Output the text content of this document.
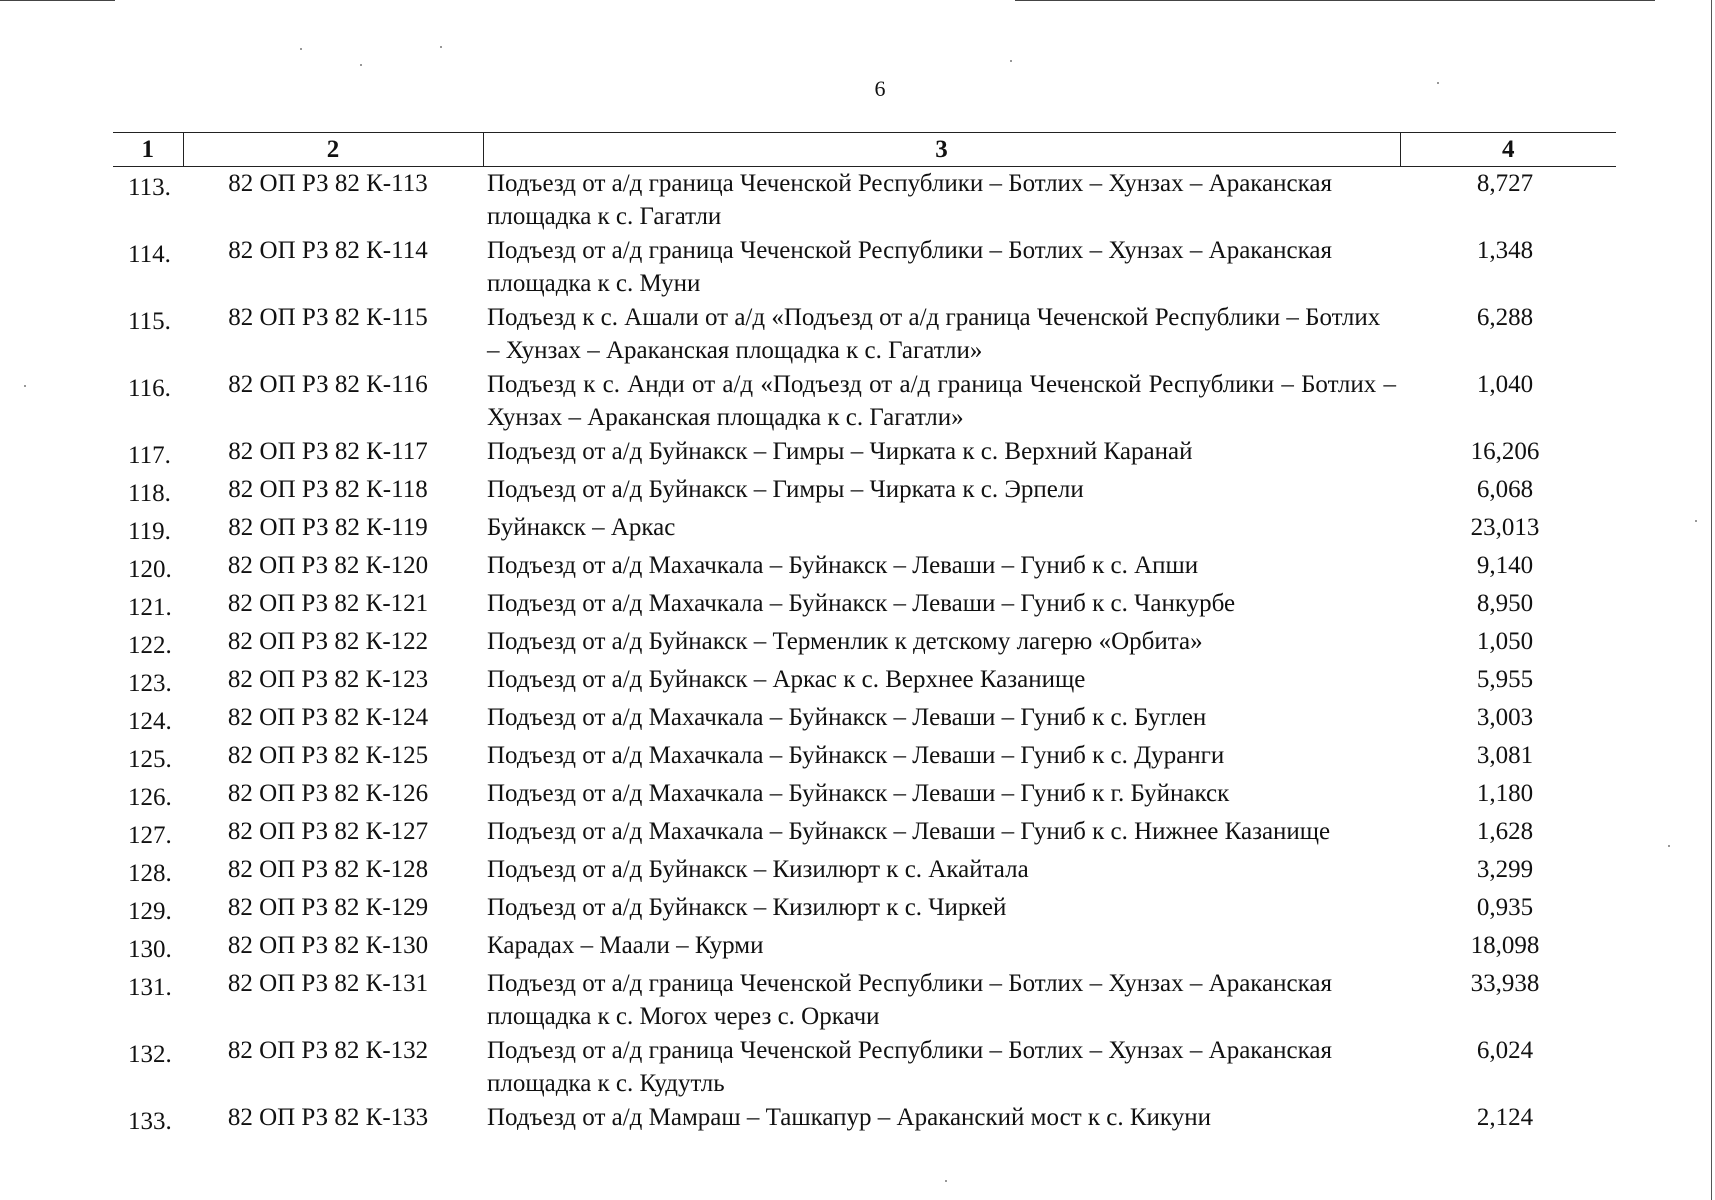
6
1	2	3	4
113.	82 ОП РЗ 82 К-113	Подъезд от а/д граница Чеченской Республики – Ботлих – Хунзах – Араканская площадка к с. Гагатли	8,727
114.	82 ОП РЗ 82 К-114	Подъезд от а/д граница Чеченской Республики – Ботлих – Хунзах – Араканская площадка к с. Муни	1,348
115.	82 ОП РЗ 82 К-115	Подъезд к с. Ашали от а/д «Подъезд от а/д граница Чеченской Республики – Ботлих – Хунзах – Араканская площадка к с. Гагатли»	6,288
116.	82 ОП РЗ 82 К-116	Подъезд к с. Анди от а/д «Подъезд от а/д граница Чеченской Республики – Ботлих – Хунзах – Араканская площадка к с. Гагатли»	1,040
117.	82 ОП РЗ 82 К-117	Подъезд от а/д Буйнакск – Гимры – Чирката к с. Верхний Каранай	16,206
118.	82 ОП РЗ 82 К-118	Подъезд от а/д Буйнакск – Гимры – Чирката к с. Эрпели	6,068
119.	82 ОП РЗ 82 К-119	Буйнакск – Аркас	23,013
120.	82 ОП РЗ 82 К-120	Подъезд от а/д Махачкала – Буйнакск – Леваши – Гуниб к с. Апши	9,140
121.	82 ОП РЗ 82 К-121	Подъезд от а/д Махачкала – Буйнакск – Леваши – Гуниб к с. Чанкурбе	8,950
122.	82 ОП РЗ 82 К-122	Подъезд от а/д Буйнакск – Терменлик к детскому лагерю «Орбита»	1,050
123.	82 ОП РЗ 82 К-123	Подъезд от а/д Буйнакск – Аркас к с. Верхнее Казанище	5,955
124.	82 ОП РЗ 82 К-124	Подъезд от а/д Махачкала – Буйнакск – Леваши – Гуниб к с. Буглен	3,003
125.	82 ОП РЗ 82 К-125	Подъезд от а/д Махачкала – Буйнакск – Леваши – Гуниб к с. Дуранги	3,081
126.	82 ОП РЗ 82 К-126	Подъезд от а/д Махачкала – Буйнакск – Леваши – Гуниб к г. Буйнакск	1,180
127.	82 ОП РЗ 82 К-127	Подъезд от а/д Махачкала – Буйнакск – Леваши – Гуниб к с. Нижнее Казанище	1,628
128.	82 ОП РЗ 82 К-128	Подъезд от а/д Буйнакск – Кизилюрт к с. Акайтала	3,299
129.	82 ОП РЗ 82 К-129	Подъезд от а/д Буйнакск – Кизилюрт к с. Чиркей	0,935
130.	82 ОП РЗ 82 К-130	Карадах – Маали – Курми	18,098
131.	82 ОП РЗ 82 К-131	Подъезд от а/д граница Чеченской Республики – Ботлих – Хунзах – Араканская площадка к с. Могох через с. Оркачи	33,938
132.	82 ОП РЗ 82 К-132	Подъезд от а/д граница Чеченской Республики – Ботлих – Хунзах – Араканская площадка к с. Кудутль	6,024
133.	82 ОП РЗ 82 К-133	Подъезд от а/д Мамраш – Ташкапур – Араканский мост к с. Кикуни	2,124
